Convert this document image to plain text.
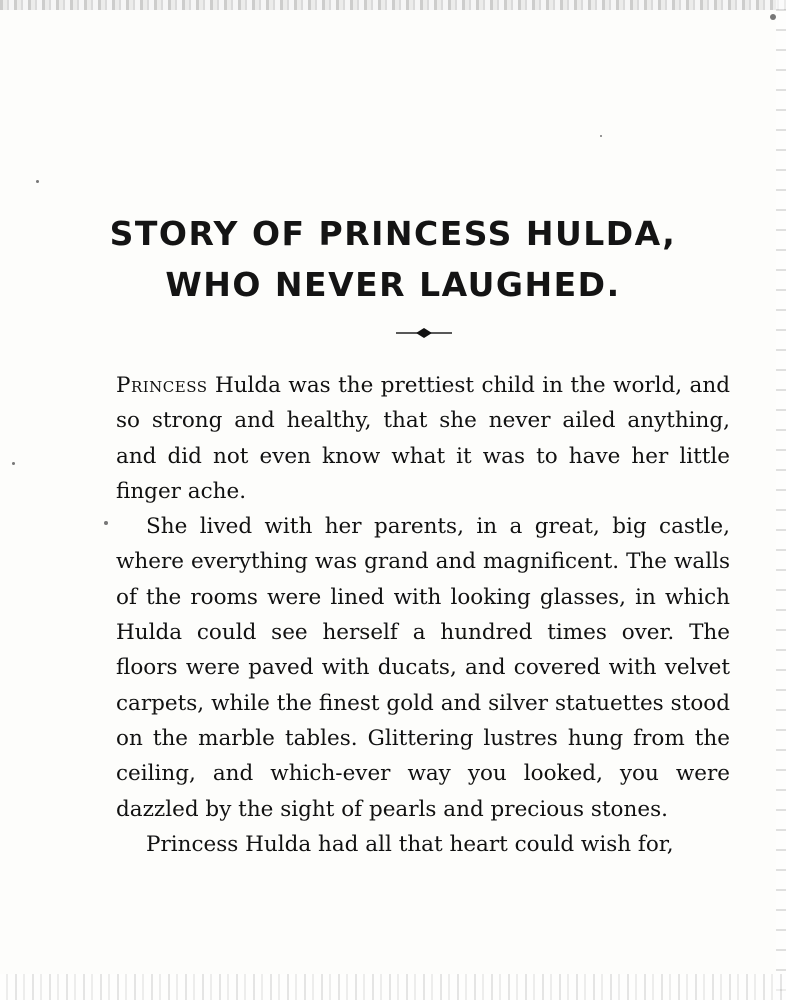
STORY OF PRINCESS HULDA, WHO NEVER LAUGHED.

Princess Hulda was the prettiest child in the world, and so strong and healthy, that she never ailed anything, and did not even know what it was to have her little finger ache.

She lived with her parents, in a great, big castle, where everything was grand and magnificent. The walls of the rooms were lined with looking glasses, in which Hulda could see herself a hundred times over. The floors were paved with ducats, and covered with velvet carpets, while the finest gold and silver statuettes stood on the marble tables. Glittering lustres hung from the ceiling, and which-ever way you looked, you were dazzled by the sight of pearls and precious stones.

Princess Hulda had all that heart could wish for,
